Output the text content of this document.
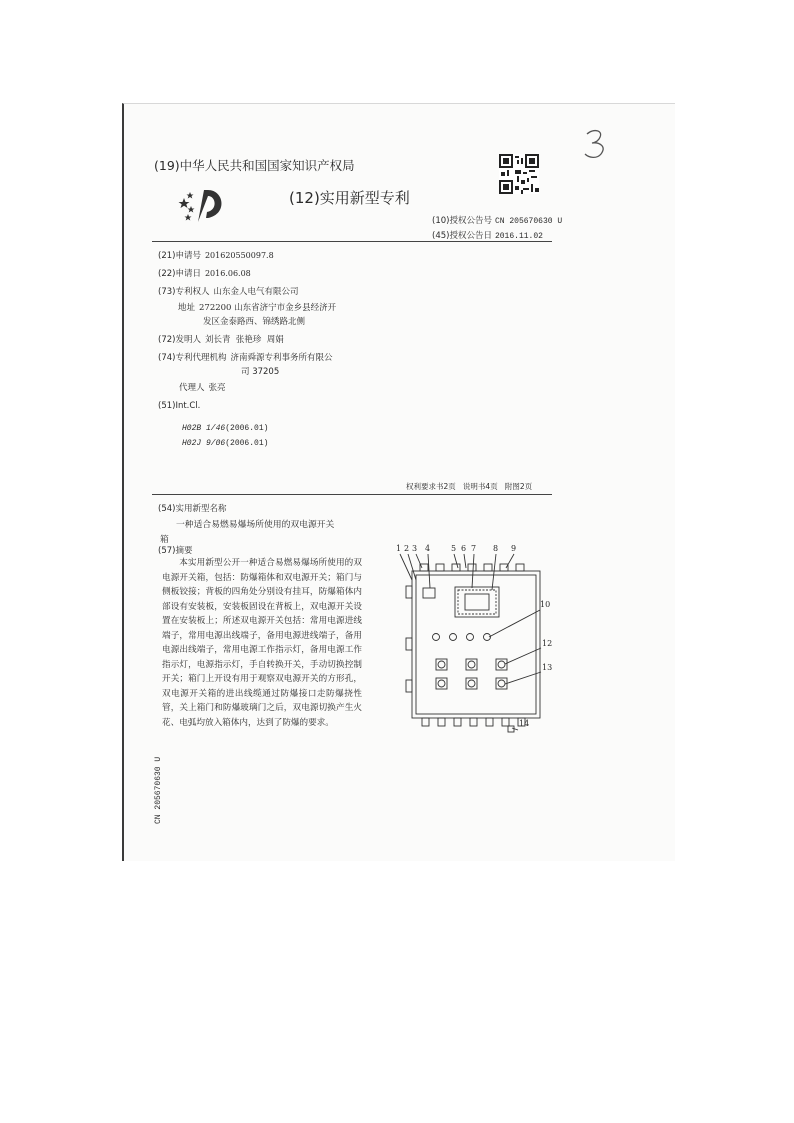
(19)中华人民共和国国家知识产权局
(12)实用新型专利
(10)授权公告号 CN 205670630 U
(45)授权公告日 2016.11.02
(21)申请号 201620550097.8
(22)申请日 2016.06.08
(73)专利权人 山东金人电气有限公司
地址 272200 山东省济宁市金乡县经济开
发区金泰路西、锦绣路北侧
(72)发明人 刘长青  张艳珍  周娟
(74)专利代理机构 济南舜源专利事务所有限公
司 37205
代理人 张亮
(51)Int.Cl.
H02B 1/46(2006.01)
H02J 9/06(2006.01)
权利要求书2页   说明书4页   附图2页
(54)实用新型名称
一种适合易燃易爆场所使用的双电源开关
箱
(57)摘要
本实用新型公开一种适合易燃易爆场所使用的双电源开关箱，包括：防爆箱体和双电源开关；箱门与侧板铰接；背板的四角处分别设有挂耳，防爆箱体内部设有安装板，安装板固设在背板上，双电源开关设置在安装板上；所述双电源开关包括：常用电源进线端子，常用电源出线端子，备用电源进线端子，备用电源出线端子，常用电源工作指示灯，备用电源工作指示灯，电源指示灯，手自转换开关，手动切换控制开关；箱门上开设有用于观察双电源开关的方形孔，双电源开关箱的进出线缆通过防爆接口走防爆挠性管，关上箱门和防爆玻璃门之后，双电源切换产生火花、电弧均放入箱体内，达到了防爆的要求。
CN 205670630 U
1 2 3 4	5 6 7 8 9
10
12
13
14
